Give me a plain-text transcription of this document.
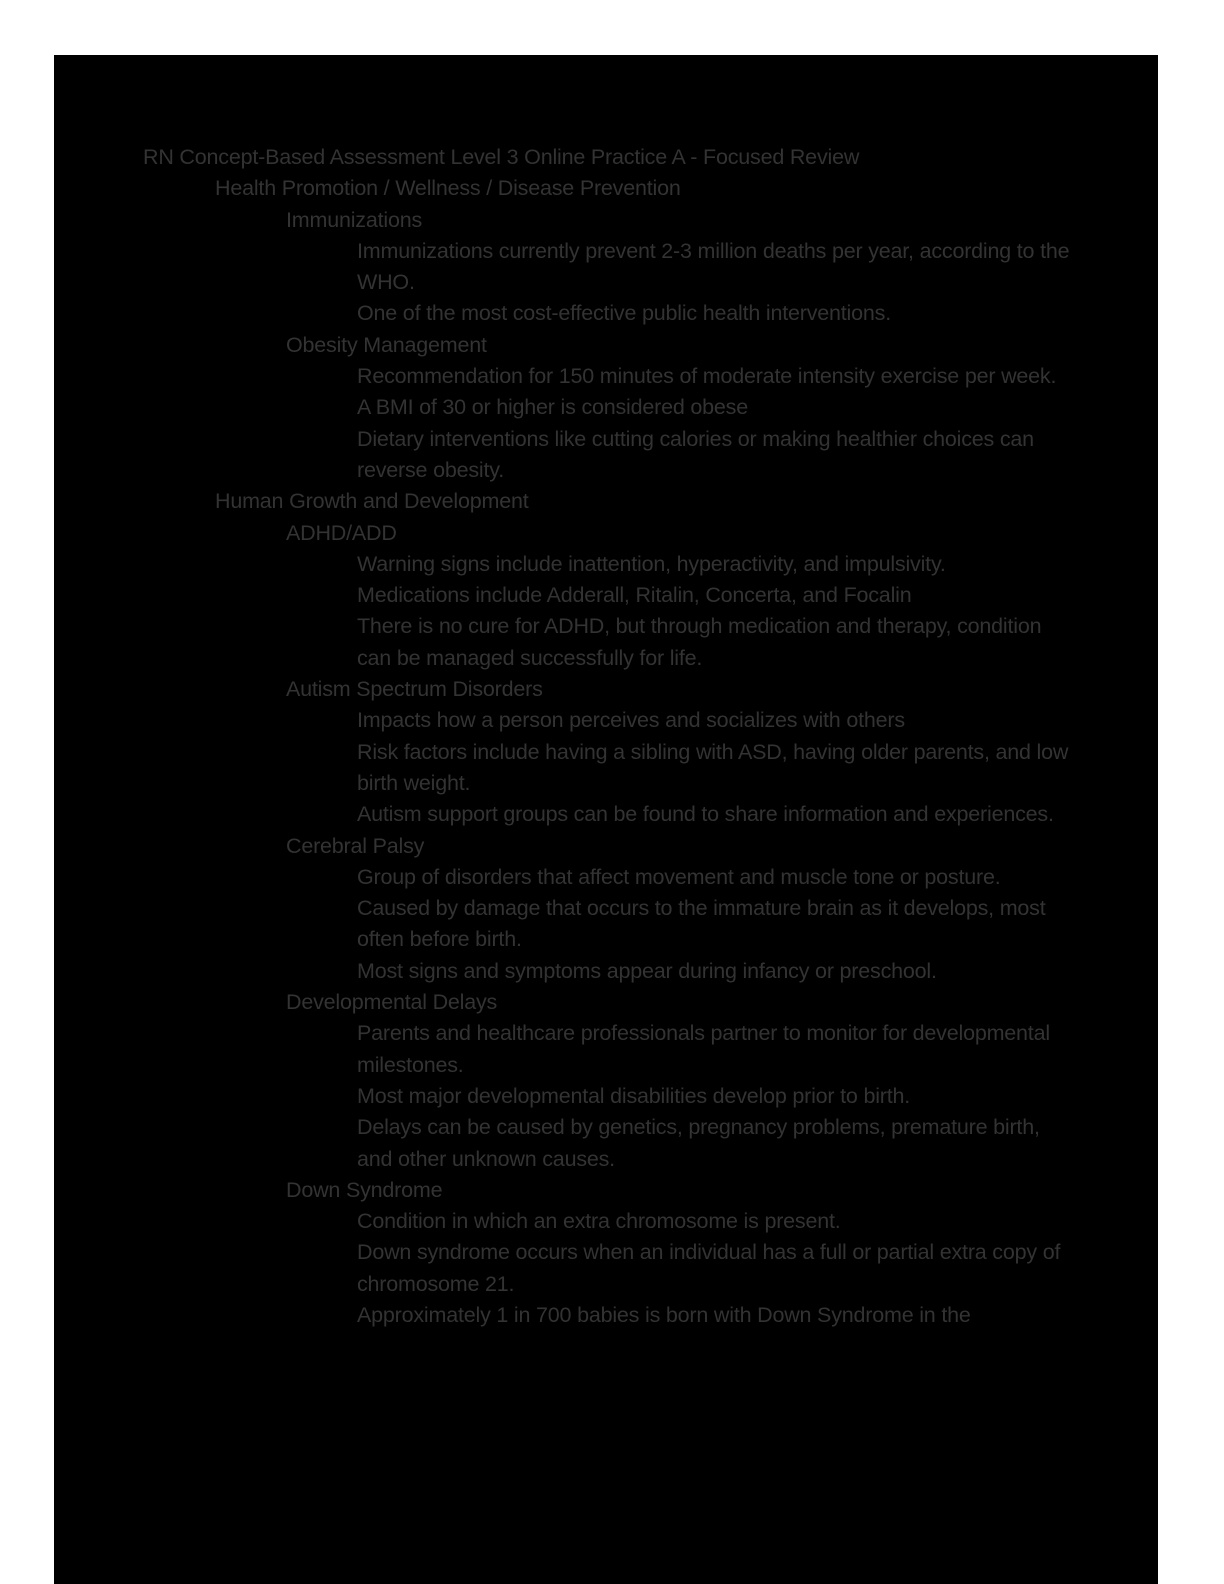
RN Concept-Based Assessment Level 3 Online Practice A - Focused Review
Health Promotion / Wellness / Disease Prevention
Immunizations
Immunizations currently prevent 2-3 million deaths per year, according to the WHO.
One of the most cost-effective public health interventions.
Obesity Management
Recommendation for 150 minutes of moderate intensity exercise per week.
A BMI of 30 or higher is considered obese
Dietary interventions like cutting calories or making healthier choices can reverse obesity.
Human Growth and Development
ADHD/ADD
Warning signs include inattention, hyperactivity, and impulsivity.
Medications include Adderall, Ritalin, Concerta, and Focalin
There is no cure for ADHD, but through medication and therapy, condition can be managed successfully for life.
Autism Spectrum Disorders
Impacts how a person perceives and socializes with others
Risk factors include having a sibling with ASD, having older parents, and low birth weight.
Autism support groups can be found to share information and experiences.
Cerebral Palsy
Group of disorders that affect movement and muscle tone or posture.
Caused by damage that occurs to the immature brain as it develops, most often before birth.
Most signs and symptoms appear during infancy or preschool.
Developmental Delays
Parents and healthcare professionals partner to monitor for developmental milestones.
Most major developmental disabilities develop prior to birth.
Delays can be caused by genetics, pregnancy problems, premature birth, and other unknown causes.
Down Syndrome
Condition in which an extra chromosome is present.
Down syndrome occurs when an individual has a full or partial extra copy of chromosome 21.
Approximately 1 in 700 babies is born with Down Syndrome in the
